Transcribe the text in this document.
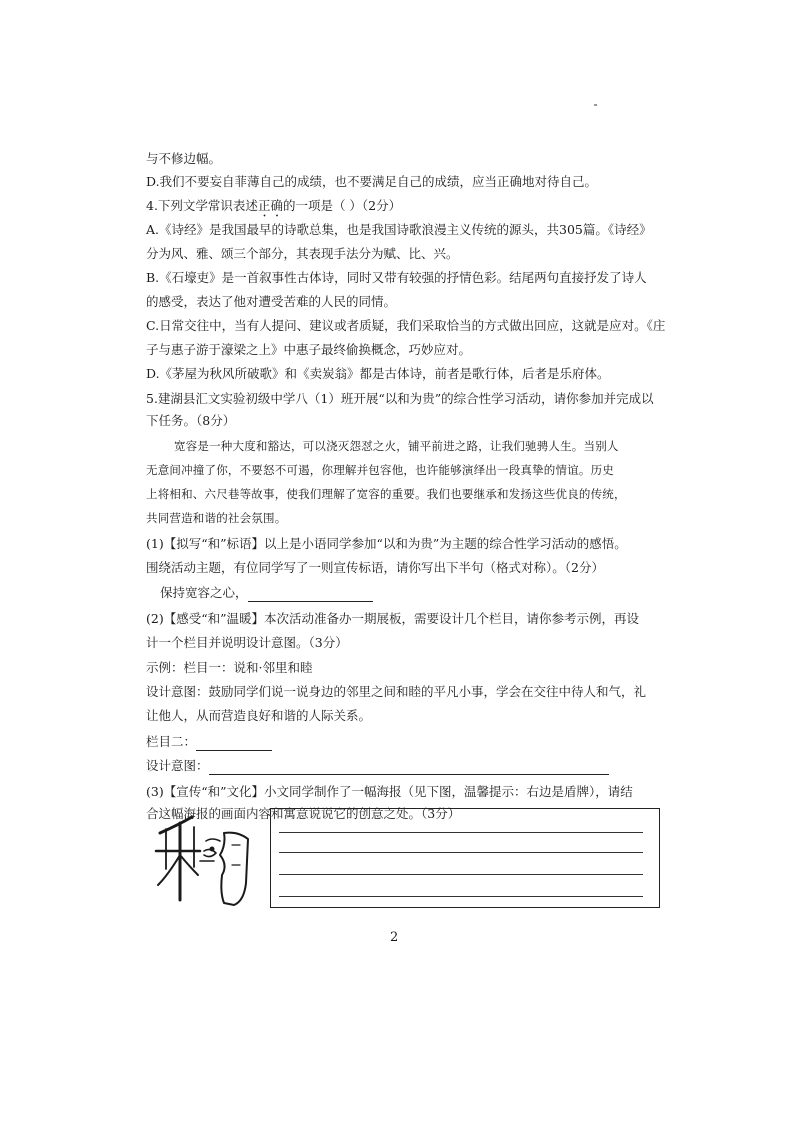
与不修边幅。
D.我们不要妄自菲薄自己的成绩，也不要满足自己的成绩，应当正确地对待自己。
4.下列文学常识表述正确的一项是（ ）（2分）
A.《诗经》是我国最早的诗歌总集，也是我国诗歌浪漫主义传统的源头，共305篇。《诗经》
分为风、雅、颂三个部分，其表现手法分为赋、比、兴。
B.《石壕吏》是一首叙事性古体诗，同时又带有较强的抒情色彩。结尾两句直接抒发了诗人
的感受，表达了他对遭受苦难的人民的同情。
C.日常交往中，当有人提问、建议或者质疑，我们采取恰当的方式做出回应，这就是应对。《庄
子与惠子游于濠梁之上》中惠子最终偷换概念，巧妙应对。
D.《茅屋为秋风所破歌》和《卖炭翁》都是古体诗，前者是歌行体，后者是乐府体。
5.建湖县汇文实验初级中学八（1）班开展“以和为贵”的综合性学习活动，请你参加并完成以
下任务。（8分）
宽容是一种大度和豁达，可以浇灭怨怼之火，铺平前进之路，让我们驰骋人生。当别人
无意间冲撞了你，不要怒不可遏，你理解并包容他，也许能够演绎出一段真挚的情谊。历史
上将相和、六尺巷等故事，使我们理解了宽容的重要。我们也要继承和发扬这些优良的传统，
共同营造和谐的社会氛围。
(1)【拟写“和”标语】以上是小语同学参加“以和为贵”为主题的综合性学习活动的感悟。
围绕活动主题，有位同学写了一则宣传标语，请你写出下半句（格式对称）。（2分）
保持宽容之心，
(2)【感受“和”温暖】本次活动准备办一期展板，需要设计几个栏目，请你参考示例，再设
计一个栏目并说明设计意图。（3分）
示例：栏目一：说和·邻里和睦
设计意图：鼓励同学们说一说身边的邻里之间和睦的平凡小事，学会在交往中待人和气，礼
让他人，从而营造良好和谐的人际关系。
栏目二：
设计意图：
(3)【宣传“和”文化】小文同学制作了一幅海报（见下图，温馨提示：右边是盾牌），请结
合这幅海报的画面内容和寓意说说它的创意之处。（3分）
2
